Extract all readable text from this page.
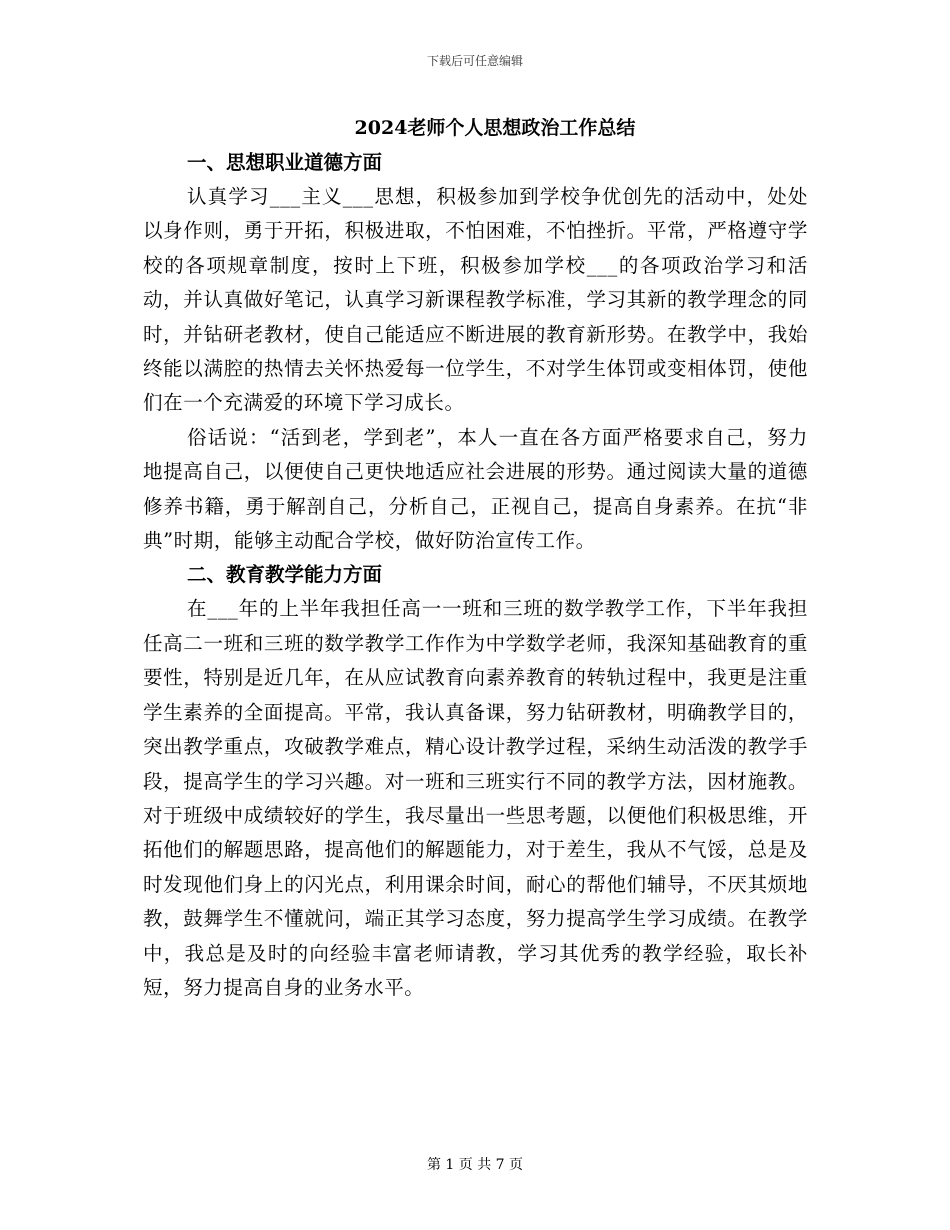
下载后可任意编辑
2024老师个人思想政治工作总结
一、思想职业道德方面

认真学习___主义___思想，积极参加到学校争优创先的活动中，处处以身作则，勇于开拓，积极进取，不怕困难，不怕挫折。平常，严格遵守学校的各项规章制度，按时上下班，积极参加学校___的各项政治学习和活动，并认真做好笔记，认真学习新课程教学标准，学习其新的教学理念的同时，并钻研老教材，使自己能适应不断进展的教育新形势。在教学中，我始终能以满腔的热情去关怀热爱每一位学生，不对学生体罚或变相体罚，使他们在一个充满爱的环境下学习成长。

俗话说：“活到老，学到老”，本人一直在各方面严格要求自己，努力地提高自己，以便使自己更快地适应社会进展的形势。通过阅读大量的道德修养书籍，勇于解剖自己，分析自己，正视自己，提高自身素养。在抗“非典”时期，能够主动配合学校，做好防治宣传工作。

二、教育教学能力方面

在___年的上半年我担任高一一班和三班的数学教学工作，下半年我担任高二一班和三班的数学教学工作作为中学数学老师，我深知基础教育的重要性，特别是近几年，在从应试教育向素养教育的转轨过程中，我更是注重学生素养的全面提高。平常，我认真备课，努力钻研教材，明确教学目的，突出教学重点，攻破教学难点，精心设计教学过程，采纳生动活泼的教学手段，提高学生的学习兴趣。对一班和三班实行不同的教学方法，因材施教。对于班级中成绩较好的学生，我尽量出一些思考题，以便他们积极思维，开拓他们的解题思路，提高他们的解题能力，对于差生，我从不气馁，总是及时发现他们身上的闪光点，利用课余时间，耐心的帮他们辅导，不厌其烦地教，鼓舞学生不懂就问，端正其学习态度，努力提高学生学习成绩。在教学中，我总是及时的向经验丰富老师请教，学习其优秀的教学经验，取长补短，努力提高自身的业务水平。

第 1 页 共 7 页
